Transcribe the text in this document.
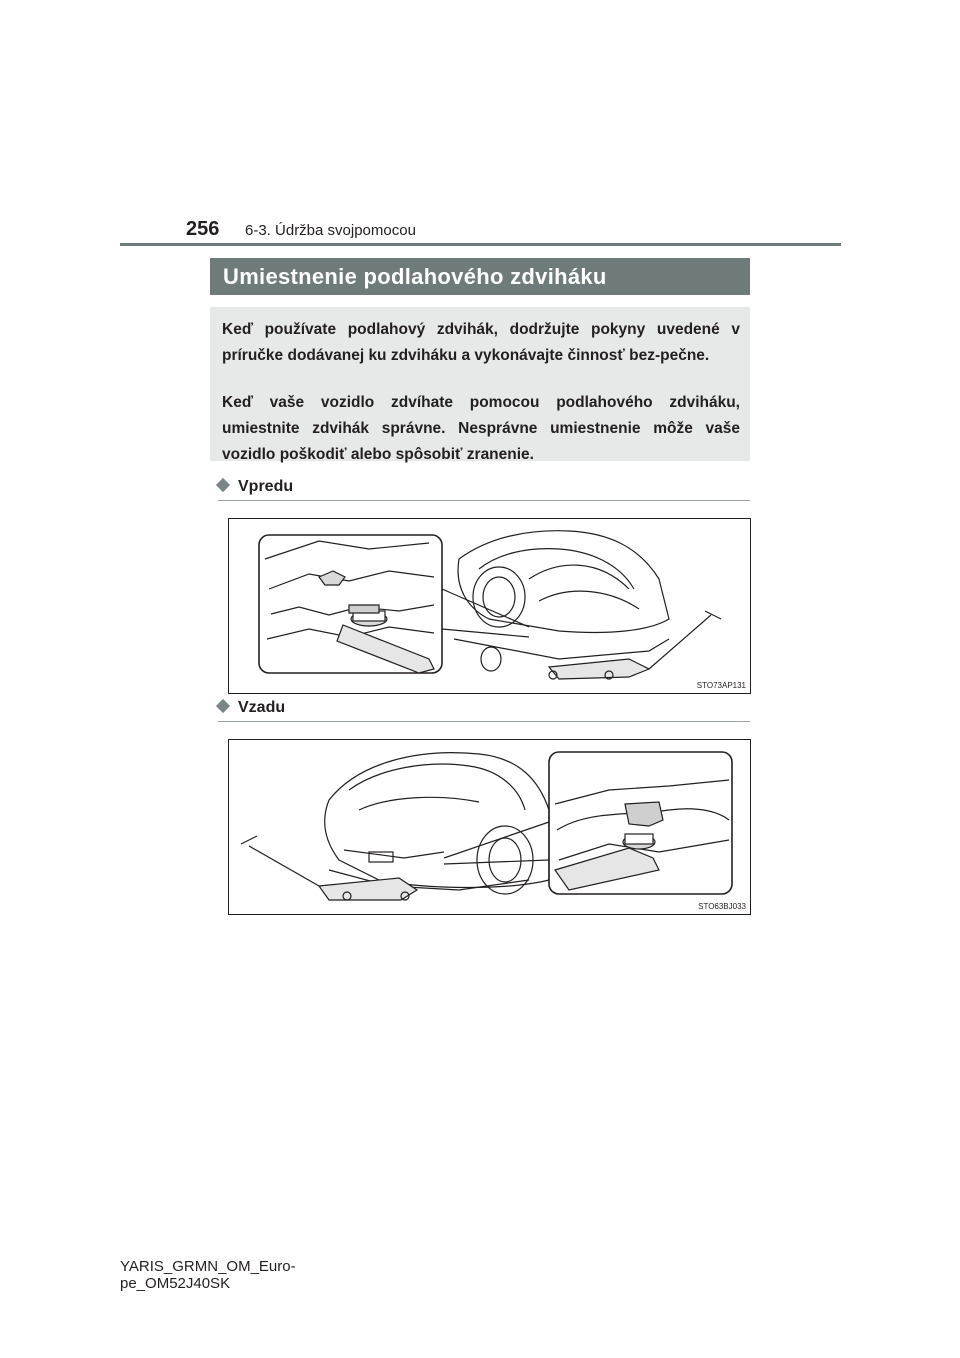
256 6-3. Údržba svojpomocou
Umiestnenie podlahového zdviháku

Keď používate podlahový zdvihák, dodržujte pokyny uvedené v príručke dodávanej ku zdviháku a vykonávajte činnosť bez-pečne.

Keď vaše vozidlo zdvíhate pomocou podlahového zdviháku, umiestnite zdvihák správne. Nesprávne umiestnenie môže vaše vozidlo poškodiť alebo spôsobiť zranenie.

Vpredu
STO73AP131
Vzadu
STO63BJ033
YARIS_GRMN_OM_Euro-
pe_OM52J40SK
